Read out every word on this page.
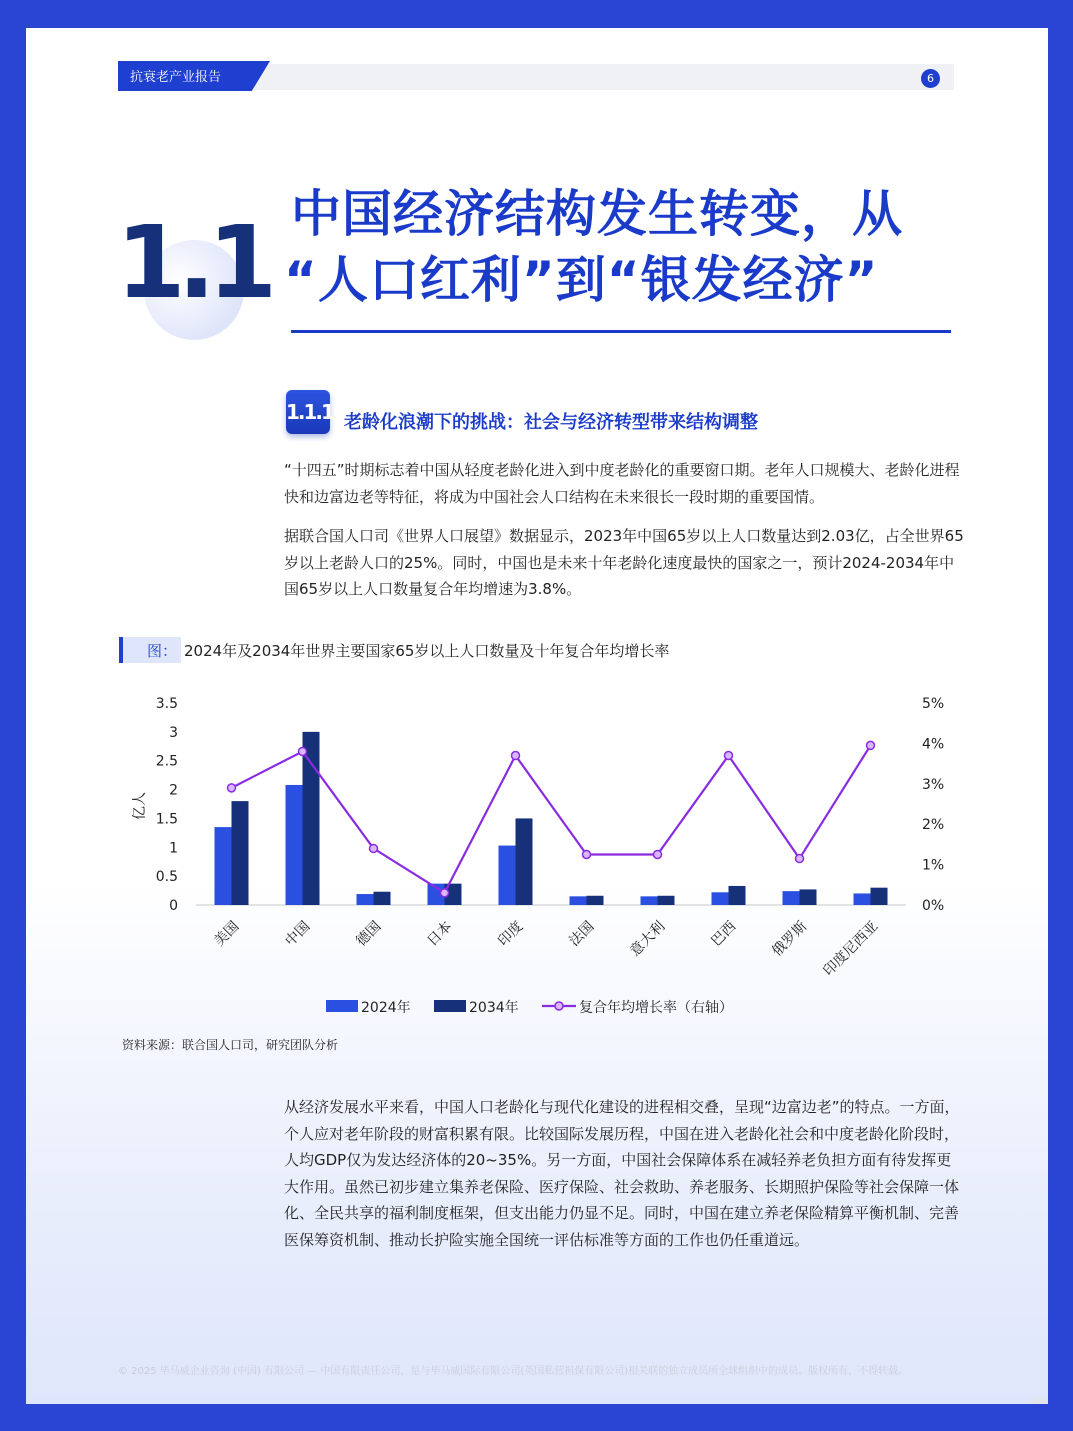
抗衰老产业报告	6
1.1 中国经济结构发生转变，从
“人口红利”到“银发经济”
1.1.1 老龄化浪潮下的挑战：社会与经济转型带来结构调整
“十四五”时期标志着中国从轻度老龄化进入到中度老龄化的重要窗口期。老年人口规模大、老龄化进程快和边富边老等特征，将成为中国社会人口结构在未来很长一段时期的重要国情。
据联合国人口司《世界人口展望》数据显示，2023年中国65岁以上人口数量达到2.03亿，占全世界65岁以上老龄人口的25%。同时，中国也是未来十年老龄化速度最快的国家之一，预计2024-2034年中国65岁以上人口数量复合年均增速为3.8%。
图： 2024年及2034年世界主要国家65岁以上人口数量及十年复合年均增长率
0
0.5
1
1.5
2
2.5
3
3.5
0%
1%
2%
3%
4%
5%
亿人
美国	中国	德国	日本	印度	法国 意大利	巴西 俄罗斯 印度尼西亚
2024年	2034年	复合年均增长率（右轴）
资料来源：联合国人口司，研究团队分析
从经济发展水平来看，中国人口老龄化与现代化建设的进程相交叠，呈现“边富边老”的特点。一方面，个人应对老年阶段的财富积累有限。比较国际发展历程，中国在进入老龄化社会和中度老龄化阶段时，人均GDP仅为发达经济体的20~35%。另一方面，中国社会保障体系在减轻养老负担方面有待发挥更大作用。虽然已初步建立集养老保险、医疗保险、社会救助、养老服务、长期照护保险等社会保障一体化、全民共享的福利制度框架，但支出能力仍显不足。同时，中国在建立养老保险精算平衡机制、完善医保筹资机制、推动长护险实施全国统一评估标准等方面的工作也仍任重道远。
© 2025 毕马威企业咨询 (中国) 有限公司 — 中国有限责任公司，是与毕马威国际有限公司(英国私营担保有限公司)相关联的独立成员所全球组织中的成员。版权所有，不得转载。
